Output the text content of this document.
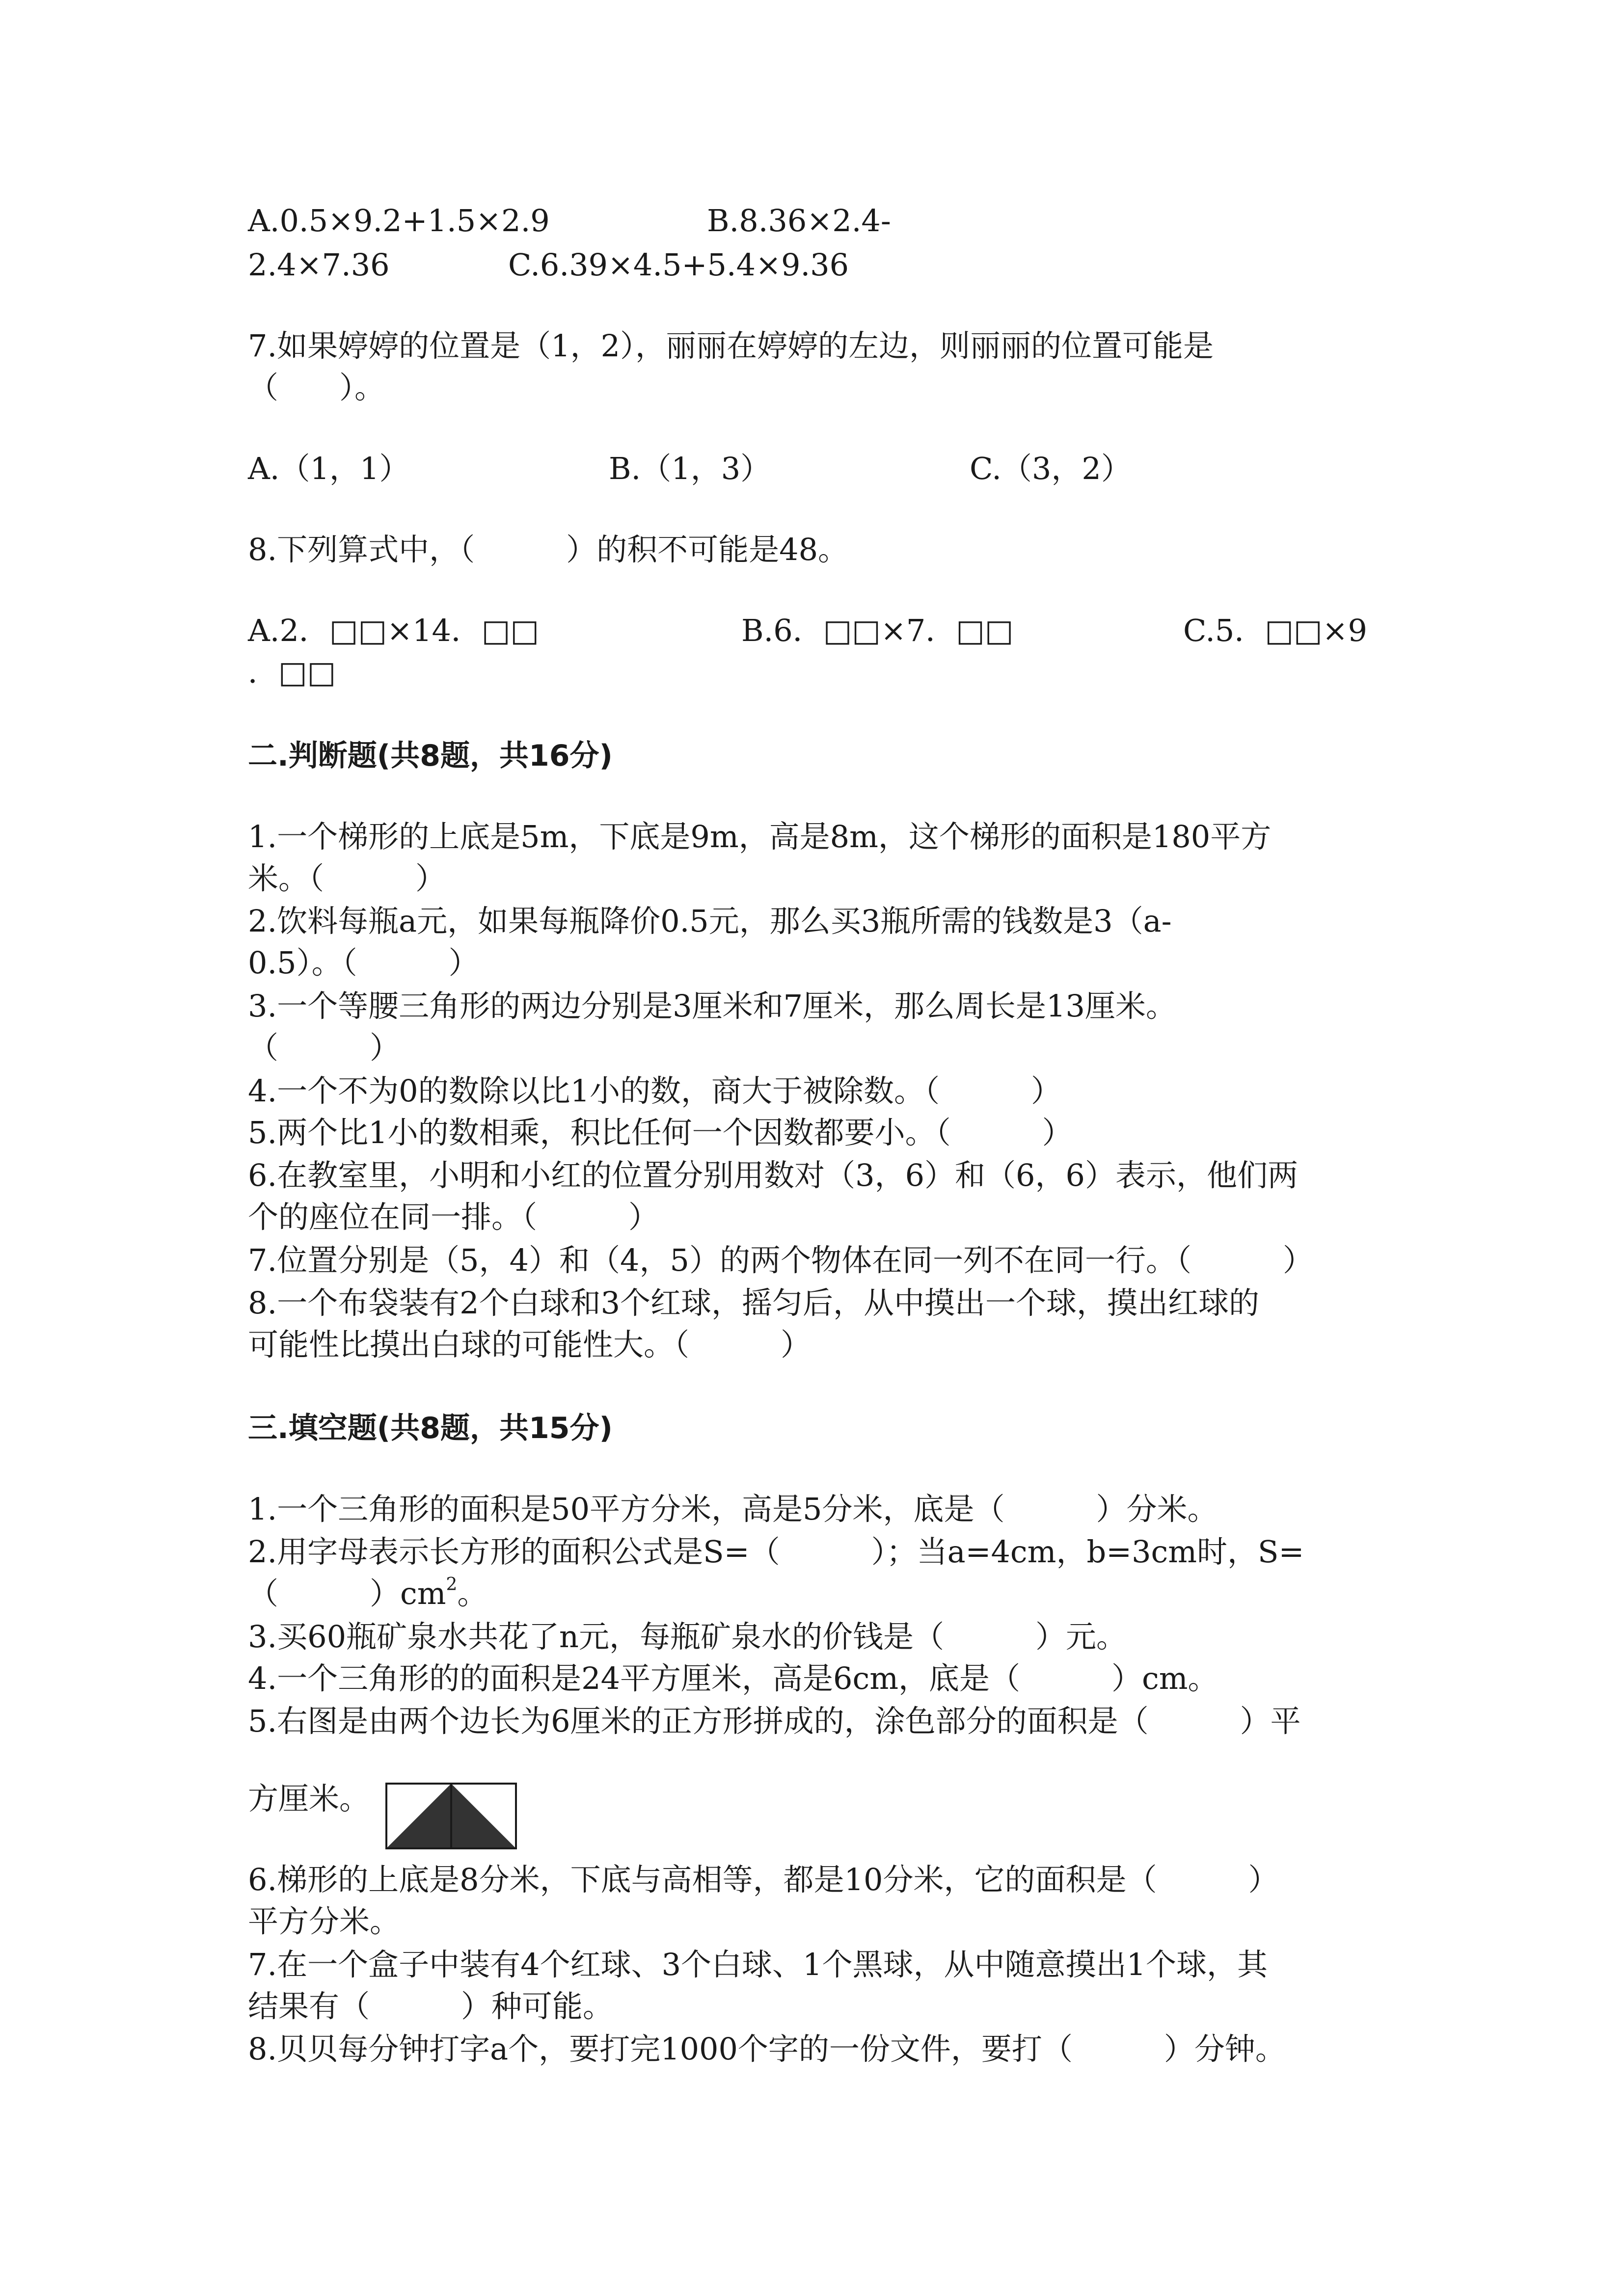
A.0.5×9.2+1.5×2.9	B.8.36×2.4-
2.4×7.36	C.6.39×4.5+5.4×9.36
7.如果婷婷的位置是（1，2），丽丽在婷婷的左边，则丽丽的位置可能是
（　　）。
A.（1，1）	B.（1，3）	C.（3，2）
8.下列算式中，（　　　）的积不可能是48。
A.2．□□×14．□□	B.6．□□×7．□□	C.5．□□×9
．□□
二.判断题(共8题，共16分)
1.一个梯形的上底是5m，下底是9m，高是8m，这个梯形的面积是180平方
米。（　　　）
2.饮料每瓶a元，如果每瓶降价0.5元，那么买3瓶所需的钱数是3（a-
0.5）。（　　　）
3.一个等腰三角形的两边分别是3厘米和7厘米，那么周长是13厘米。
（　　　）
4.一个不为0的数除以比1小的数，商大于被除数。（　　　）
5.两个比1小的数相乘，积比任何一个因数都要小。（　　　）
6.在教室里，小明和小红的位置分别用数对（3，6）和（6，6）表示，他们两
个的座位在同一排。（　　　）
7.位置分别是（5，4）和（4，5）的两个物体在同一列不在同一行。（　　　）
8.一个布袋装有2个白球和3个红球，摇匀后，从中摸出一个球，摸出红球的
可能性比摸出白球的可能性大。（　　　）
三.填空题(共8题，共15分)
1.一个三角形的面积是50平方分米，高是5分米，底是（　　　）分米。
2.用字母表示长方形的面积公式是S=（　　　）；当a=4cm，b=3cm时，S=
（　　　）$cm^2$。
3.买60瓶矿泉水共花了n元，每瓶矿泉水的价钱是（　　　）元。
4.一个三角形的的面积是24平方厘米，高是6cm，底是（　　　）cm。
5.右图是由两个边长为6厘米的正方形拼成的，涂色部分的面积是（　　　）平
方厘米。
6.梯形的上底是8分米，下底与高相等，都是10分米，它的面积是（　　　）
平方分米。
7.在一个盒子中装有4个红球、3个白球、1个黑球，从中随意摸出1个球，其
结果有（　　　）种可能。
8.贝贝每分钟打字a个，要打完1000个字的一份文件，要打（　　　）分钟。
